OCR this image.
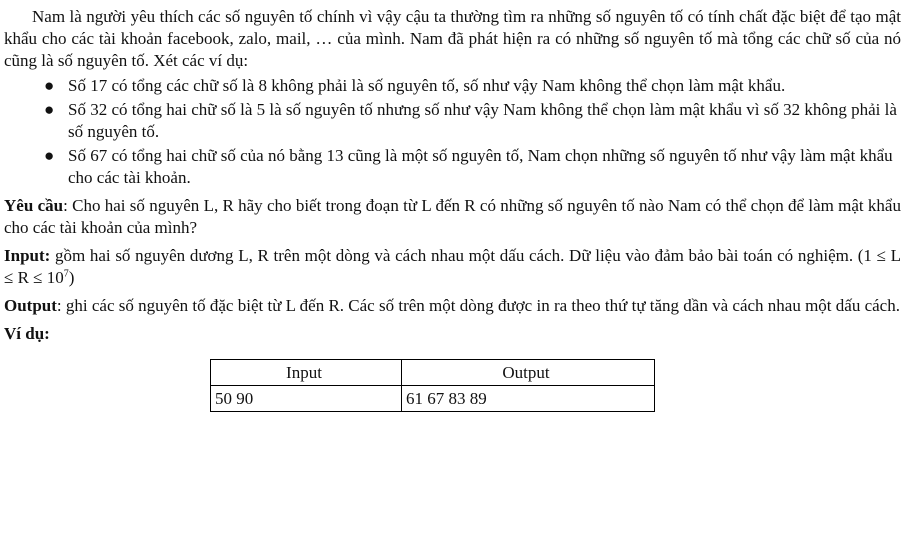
Nam là người yêu thích các số nguyên tố chính vì vậy cậu ta thường tìm ra những số nguyên tố có tính chất đặc biệt để tạo mật khẩu cho các tài khoản facebook, zalo, mail, … của mình. Nam đã phát hiện ra có những số nguyên tố mà tổng các chữ số của nó cũng là số nguyên tố. Xét các ví dụ:

● Số 17 có tổng các chữ số là 8 không phải là số nguyên tố, số như vậy Nam không thể chọn làm mật khẩu.
● Số 32 có tổng hai chữ số là 5 là số nguyên tố nhưng số như vậy Nam không thể chọn làm mật khẩu vì số 32 không phải là số nguyên tố.
● Số 67 có tổng hai chữ số của nó bằng 13 cũng là một số nguyên tố, Nam chọn những số nguyên tố như vậy làm mật khẩu cho các tài khoản.

Yêu cầu: Cho hai số nguyên L, R hãy cho biết trong đoạn từ L đến R có những số nguyên tố nào Nam có thể chọn để làm mật khẩu cho các tài khoản của mình?

Input: gồm hai số nguyên dương L, R trên một dòng và cách nhau một dấu cách. Dữ liệu vào đảm bảo bài toán có nghiệm. $(1 \le L \le R \le 10^7)$

Output: ghi các số nguyên tố đặc biệt từ L đến R. Các số trên một dòng được in ra theo thứ tự tăng dần và cách nhau một dấu cách.

Ví dụ:

Input	Output
50 90	61 67 83 89
